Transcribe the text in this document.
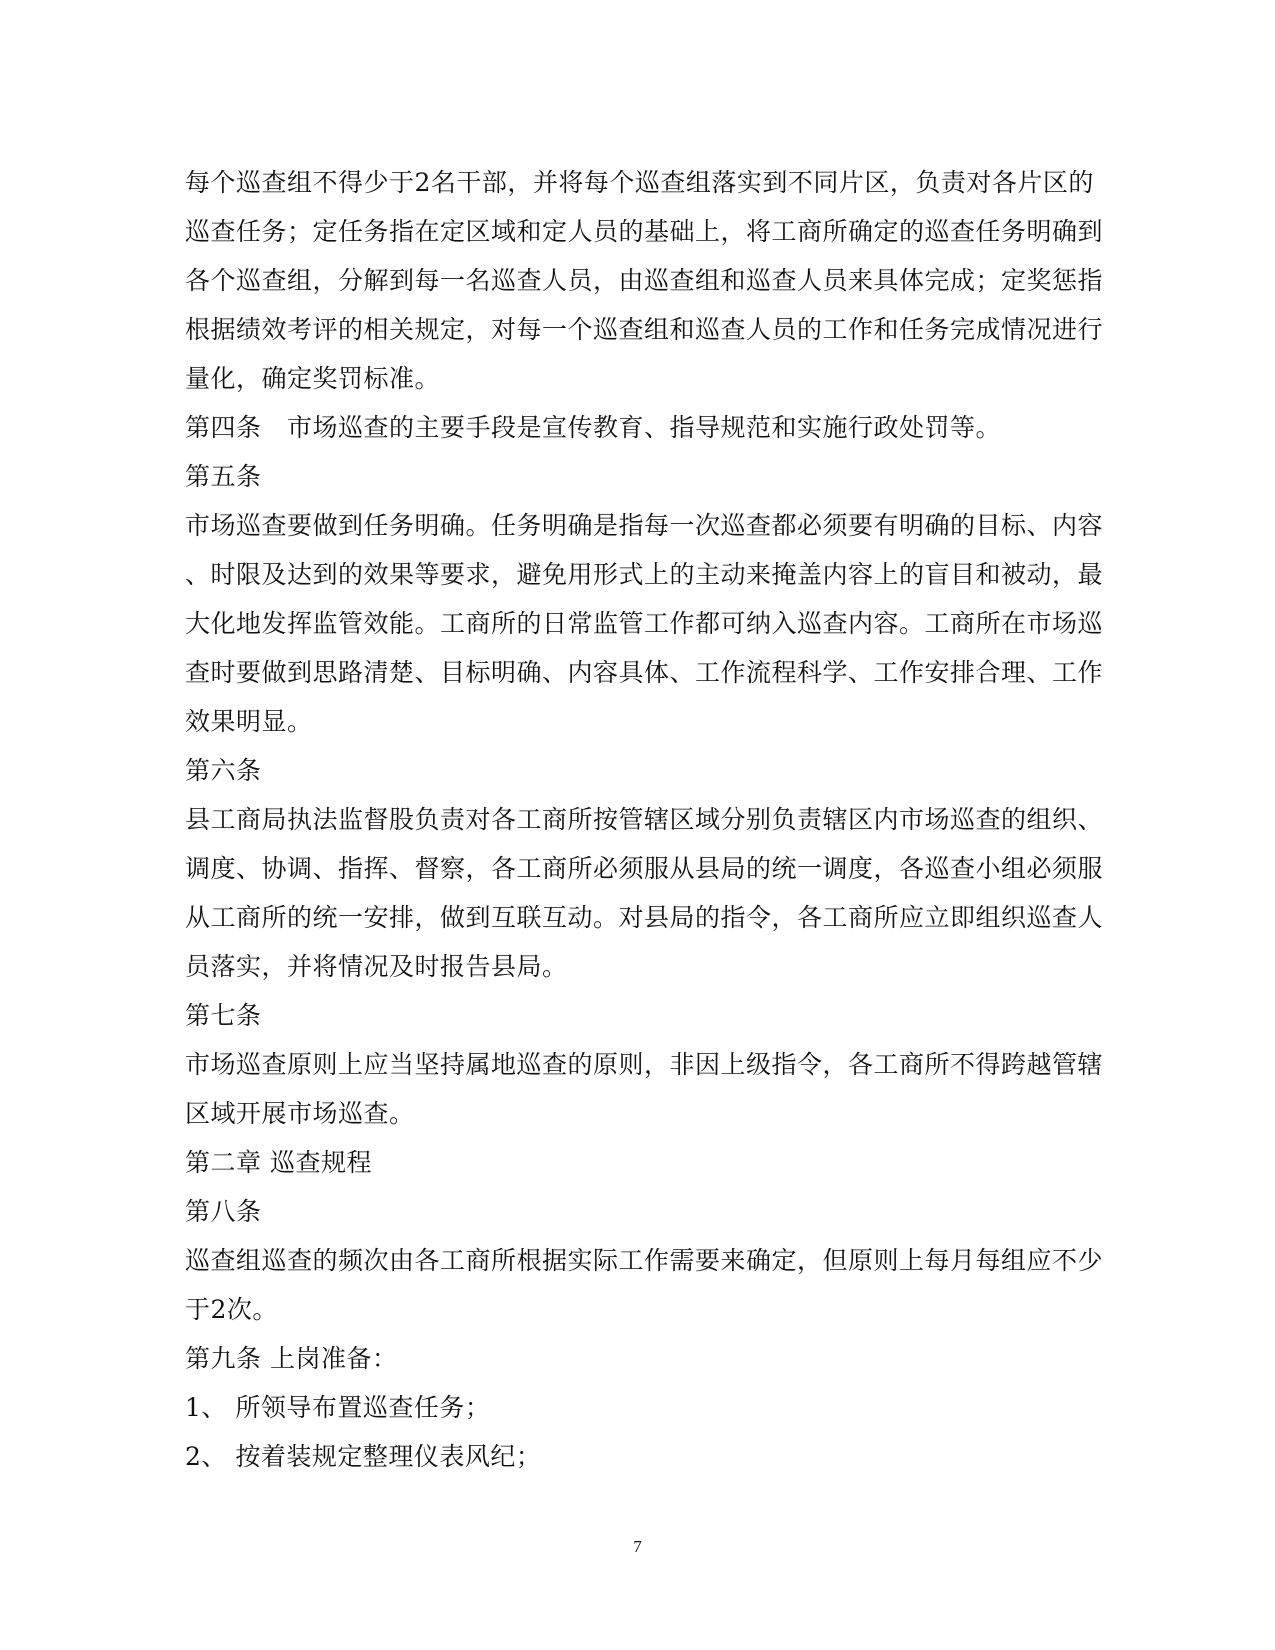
每个巡查组不得少于2名干部，并将每个巡查组落实到不同片区，负责对各片区的
巡查任务；定任务指在定区域和定人员的基础上，将工商所确定的巡查任务明确到
各个巡查组，分解到每一名巡查人员，由巡查组和巡查人员来具体完成；定奖惩指
根据绩效考评的相关规定，对每一个巡查组和巡查人员的工作和任务完成情况进行
量化，确定奖罚标准。
第四条　市场巡查的主要手段是宣传教育、指导规范和实施行政处罚等。
第五条
市场巡查要做到任务明确。任务明确是指每一次巡查都必须要有明确的目标、内容
、时限及达到的效果等要求，避免用形式上的主动来掩盖内容上的盲目和被动，最
大化地发挥监管效能。工商所的日常监管工作都可纳入巡查内容。工商所在市场巡
查时要做到思路清楚、目标明确、内容具体、工作流程科学、工作安排合理、工作
效果明显。
第六条
县工商局执法监督股负责对各工商所按管辖区域分别负责辖区内市场巡查的组织、
调度、协调、指挥、督察，各工商所必须服从县局的统一调度，各巡查小组必须服
从工商所的统一安排，做到互联互动。对县局的指令，各工商所应立即组织巡查人
员落实，并将情况及时报告县局。
第七条
市场巡查原则上应当坚持属地巡查的原则，非因上级指令，各工商所不得跨越管辖
区域开展市场巡查。
第二章 巡查规程
第八条
巡查组巡查的频次由各工商所根据实际工作需要来确定，但原则上每月每组应不少
于2次。
第九条 上岗准备：
1、 所领导布置巡查任务；
2、 按着装规定整理仪表风纪；
7
